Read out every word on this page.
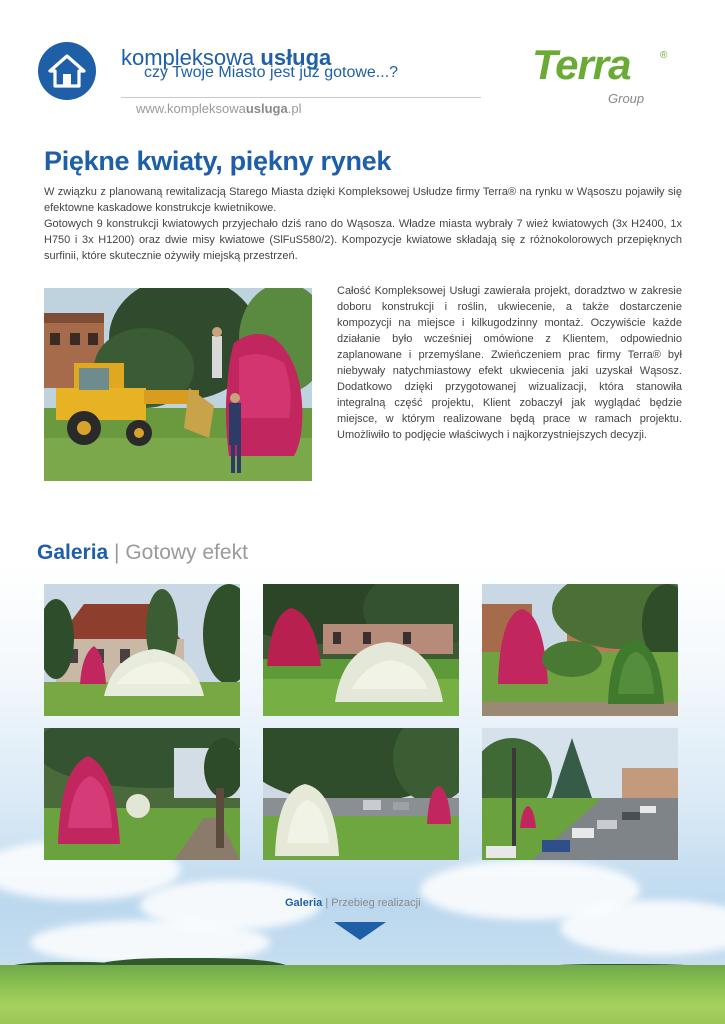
kompleksowa usługa
czy Twoje Miasto jest już gotowe...?
www.kompleksowausluga.pl
Terra	®
Group
Piękne kwiaty, piękny rynek

W związku z planowaną rewitalizacją Starego Miasta dzięki Kompleksowej Usłudze firmy Terra® na rynku w Wąsoszu pojawiły się efektowne kaskadowe konstrukcje kwietnikowe.

Gotowych 9 konstrukcji kwiatowych przyjechało dziś rano do Wąsosza. Władze miasta wybrały 7 wież kwiatowych (3x H2400, 1x H750 i 3x H1200) oraz dwie misy kwiatowe (SlFuS580/2). Kompozycje kwiatowe składają się z różnokolorowych przepięknych surfinii, które skutecznie ożywiły miejską przestrzeń.

Całość Kompleksowej Usługi zawierała projekt, doradztwo w zakresie doboru konstrukcji i roślin, ukwiecenie, a także dostarczenie kompozycji na miejsce i kilkugodzinny montaż. Oczywiście każde działanie było wcześniej omówione z Klientem, odpowiednio zaplanowane i przemyślane. Zwieńczeniem prac firmy Terra® był niebywały natychmiastowy efekt ukwiecenia jaki uzyskał Wąsosz. Dodatkowo dzięki przygotowanej wizualizacji, która stanowiła integralną część projektu, Klient zobaczył jak wyglądać będzie miejsce, w którym realizowane będą prace w ramach projektu. Umożliwiło to podjęcie właściwych i najkorzystniejszych decyzji.
Galeria | Gotowy efekt
Galeria | Przebieg realizacji
